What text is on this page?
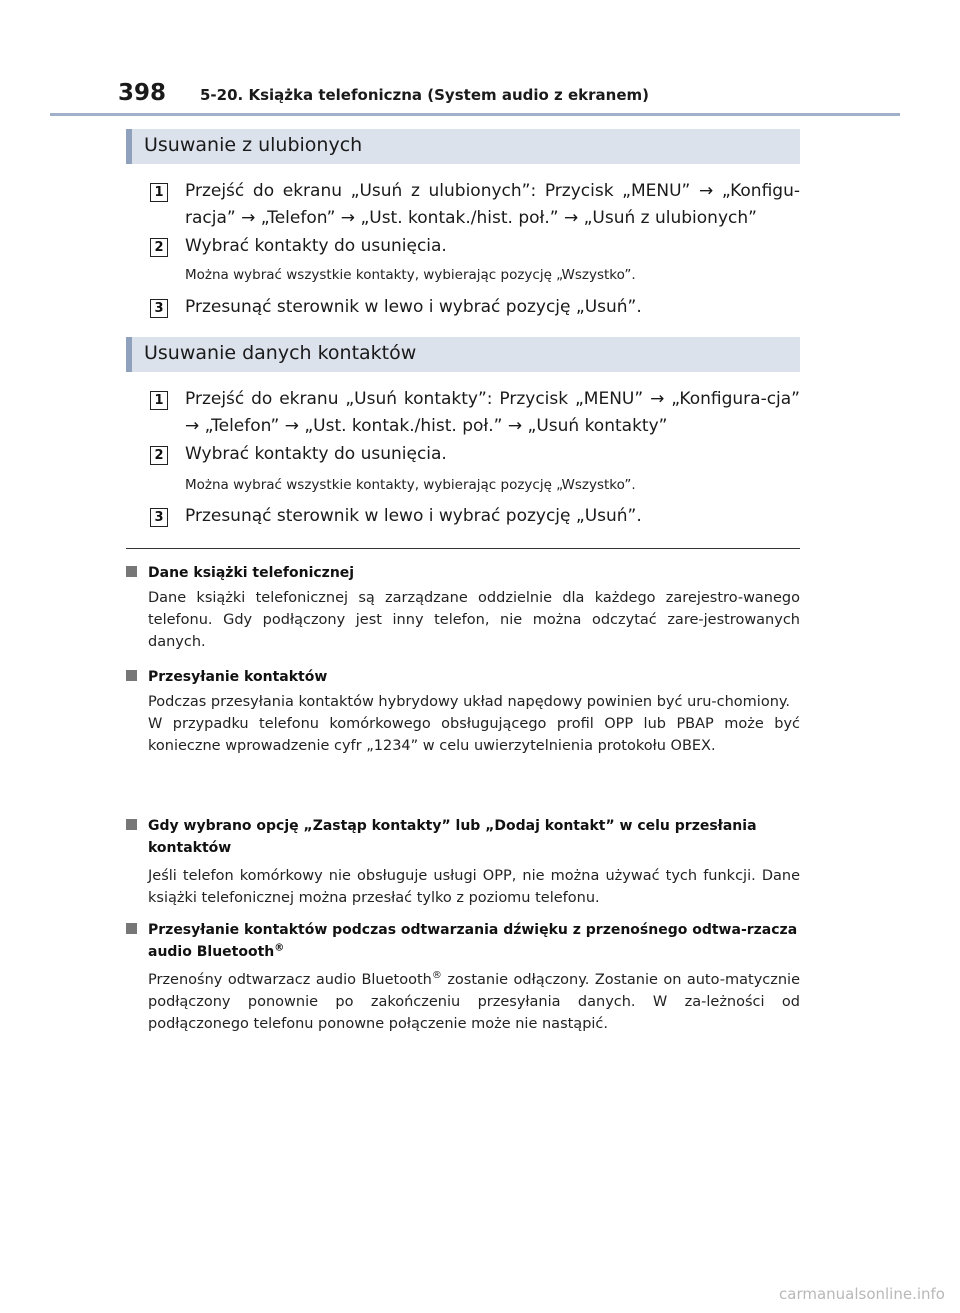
398 5-20. Książka telefoniczna (System audio z ekranem)
Usuwanie z ulubionych
1 Przejść do ekranu „Usuń z ulubionych”: Przycisk „MENU” → „Konfigu-racja” → „Telefon” → „Ust. kontak./hist. poł.” → „Usuń z ulubionych”
2 Wybrać kontakty do usunięcia.
Można wybrać wszystkie kontakty, wybierając pozycję „Wszystko”.
3 Przesunąć sterownik w lewo i wybrać pozycję „Usuń”.
Usuwanie danych kontaktów
1 Przejść do ekranu „Usuń kontakty”: Przycisk „MENU” → „Konfigura-cja” → „Telefon” → „Ust. kontak./hist. poł.” → „Usuń kontakty”
2 Wybrać kontakty do usunięcia.
Można wybrać wszystkie kontakty, wybierając pozycję „Wszystko”.
3 Przesunąć sterownik w lewo i wybrać pozycję „Usuń”.
Dane książki telefonicznej

Dane książki telefonicznej są zarządzane oddzielnie dla każdego zarejestro-wanego telefonu. Gdy podłączony jest inny telefon, nie można odczytać zare-jestrowanych danych.

Przesyłanie kontaktów

Podczas przesyłania kontaktów hybrydowy układ napędowy powinien być uru-chomiony.

W przypadku telefonu komórkowego obsługującego profil OPP lub PBAP może być konieczne wprowadzenie cyfr „1234” w celu uwierzytelnienia protokołu OBEX.

Gdy wybrano opcję „Zastąp kontakty” lub „Dodaj kontakt” w celu przesłania kontaktów

Jeśli telefon komórkowy nie obsługuje usługi OPP, nie można używać tych funkcji. Dane książki telefonicznej można przesłać tylko z poziomu telefonu.

Przesyłanie kontaktów podczas odtwarzania dźwięku z przenośnego odtwa-rzacza audio Bluetooth®

Przenośny odtwarzacz audio Bluetooth® zostanie odłączony. Zostanie on auto-matycznie podłączony ponownie po zakończeniu przesyłania danych. W za-leżności od podłączonego telefonu ponowne połączenie może nie nastąpić.

carmanualsonline.info
